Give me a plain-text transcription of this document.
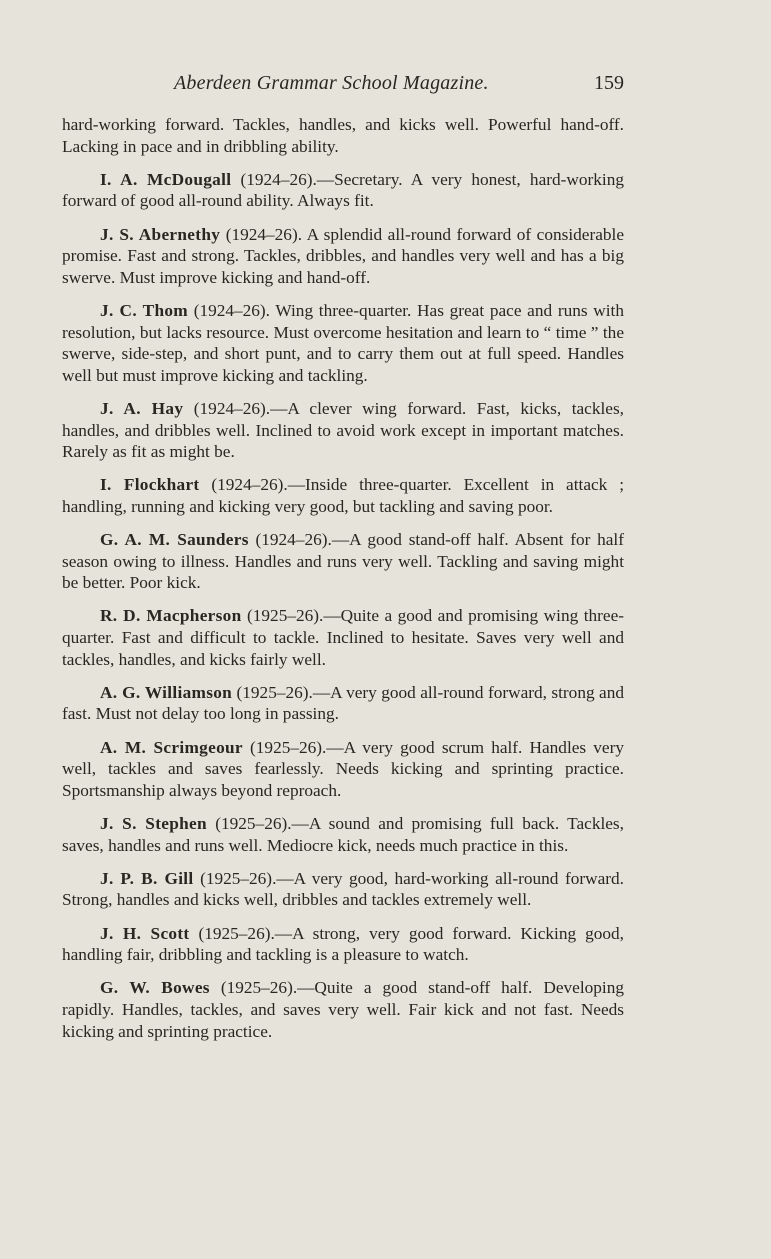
Aberdeen Grammar School Magazine.	159

hard-working forward. Tackles, handles, and kicks well. Powerful hand-off. Lacking in pace and in dribbling ability.

I. A. McDougall (1924–26).—Secretary. A very honest, hard-working forward of good all-round ability. Always fit.

J. S. Abernethy (1924–26). A splendid all-round forward of considerable promise. Fast and strong. Tackles, dribbles, and handles very well and has a big swerve. Must improve kicking and hand-off.

J. C. Thom (1924–26). Wing three-quarter. Has great pace and runs with resolution, but lacks resource. Must overcome hesitation and learn to “ time ” the swerve, side-step, and short punt, and to carry them out at full speed. Handles well but must improve kicking and tackling.

J. A. Hay (1924–26).—A clever wing forward. Fast, kicks, tackles, handles, and dribbles well. Inclined to avoid work except in important matches. Rarely as fit as might be.

I. Flockhart (1924–26).—Inside three-quarter. Excellent in attack ; handling, running and kicking very good, but tackling and saving poor.

G. A. M. Saunders (1924–26).—A good stand-off half. Absent for half season owing to illness. Handles and runs very well. Tackling and saving might be better. Poor kick.

R. D. Macpherson (1925–26).—Quite a good and promising wing three-quarter. Fast and difficult to tackle. Inclined to hesitate. Saves very well and tackles, handles, and kicks fairly well.

A. G. Williamson (1925–26).—A very good all-round forward, strong and fast. Must not delay too long in passing.

A. M. Scrimgeour (1925–26).—A very good scrum half. Handles very well, tackles and saves fearlessly. Needs kicking and sprinting practice. Sportsmanship always beyond reproach.

J. S. Stephen (1925–26).—A sound and promising full back. Tackles, saves, handles and runs well. Mediocre kick, needs much practice in this.

J. P. B. Gill (1925–26).—A very good, hard-working all-round forward. Strong, handles and kicks well, dribbles and tackles extremely well.

J. H. Scott (1925–26).—A strong, very good forward. Kicking good, handling fair, dribbling and tackling is a pleasure to watch.

G. W. Bowes (1925–26).—Quite a good stand-off half. Developing rapidly. Handles, tackles, and saves very well. Fair kick and not fast. Needs kicking and sprinting practice.
